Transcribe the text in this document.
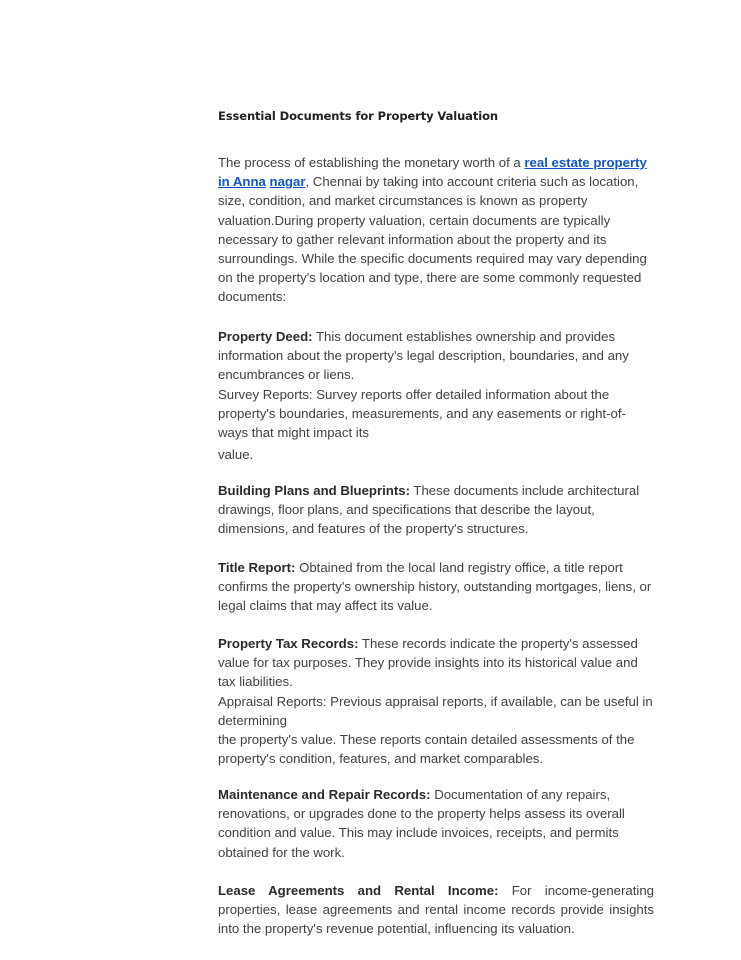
Essential Documents for Property Valuation

The process of establishing the monetary worth of a real estate property in Anna nagar, Chennai by taking into account criteria such as location, size, condition, and market circumstances is known as property valuation.During property valuation, certain documents are typically necessary to gather relevant information about the property and its surroundings. While the specific documents required may vary depending on the property's location and type, there are some commonly requested documents:

Property Deed: This document establishes ownership and provides information about the property's legal description, boundaries, and any encumbrances or liens.
Survey Reports: Survey reports offer detailed information about the property's boundaries, measurements, and any easements or right-of-ways that might impact its

value.

Building Plans and Blueprints: These documents include architectural drawings, floor plans, and specifications that describe the layout, dimensions, and features of the property's structures.

Title Report: Obtained from the local land registry office, a title report confirms the property's ownership history, outstanding mortgages, liens, or legal claims that may affect its value.

Property Tax Records: These records indicate the property's assessed value for tax purposes. They provide insights into its historical value and tax liabilities.
Appraisal Reports: Previous appraisal reports, if available, can be useful in determining
the property's value. These reports contain detailed assessments of the property's condition, features, and market comparables.

Maintenance and Repair Records: Documentation of any repairs, renovations, or upgrades done to the property helps assess its overall condition and value. This may include invoices, receipts, and permits obtained for the work.

Lease Agreements and Rental Income: For income-generating properties, lease agreements and rental income records provide insights into the property's revenue potential, influencing its valuation.
